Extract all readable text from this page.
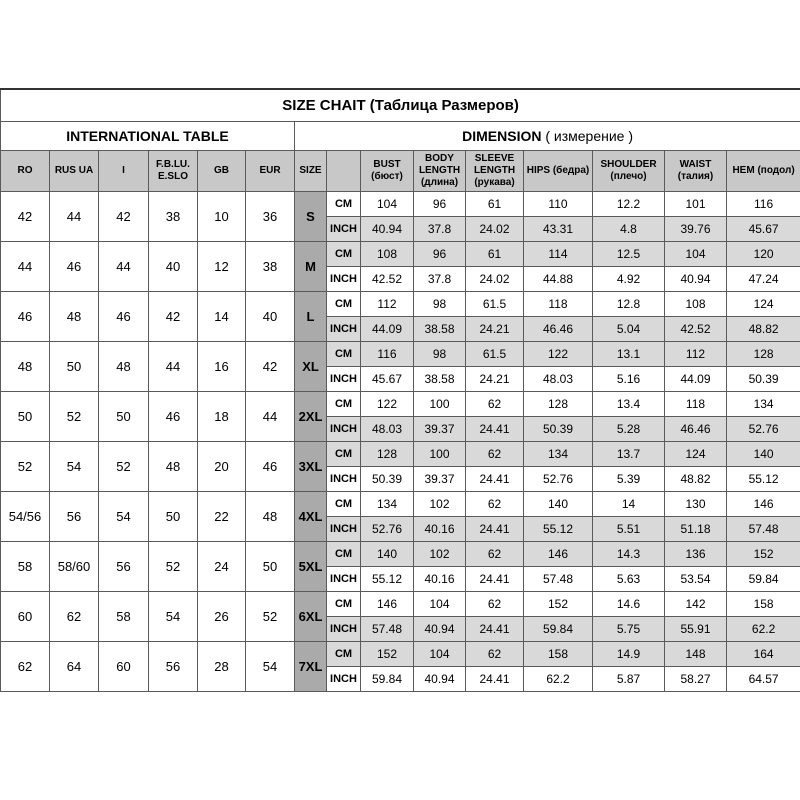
SIZE CHAIT (Таблица Размеров)														
INTERNATIONAL TABLE						DIMENSION ( измерение )								
RO	RUS UA	I	F.B.LU. E.SLO	GB	EUR	SIZE		BUST (бюст)	BODY LENGTH (длина)	SLEEVE LENGTH (рукава)	HIPS (бедра)	SHOULDER (плечо)	WAIST (талия)	HEM (подол)
42	44	42	38	10	36	S	CM	104	96	61	110	12.2	101	116
							INCH	40.94	37.8	24.02	43.31	4.8	39.76	45.67
44	46	44	40	12	38	M	CM	108	96	61	114	12.5	104	120
							INCH	42.52	37.8	24.02	44.88	4.92	40.94	47.24
46	48	46	42	14	40	L	CM	112	98	61.5	118	12.8	108	124
							INCH	44.09	38.58	24.21	46.46	5.04	42.52	48.82
48	50	48	44	16	42	XL	CM	116	98	61.5	122	13.1	112	128
							INCH	45.67	38.58	24.21	48.03	5.16	44.09	50.39
50	52	50	46	18	44	2XL	CM	122	100	62	128	13.4	118	134
							INCH	48.03	39.37	24.41	50.39	5.28	46.46	52.76
52	54	52	48	20	46	3XL	CM	128	100	62	134	13.7	124	140
							INCH	50.39	39.37	24.41	52.76	5.39	48.82	55.12
54/56	56	54	50	22	48	4XL	CM	134	102	62	140	14	130	146
							INCH	52.76	40.16	24.41	55.12	5.51	51.18	57.48
58	58/60	56	52	24	50	5XL	CM	140	102	62	146	14.3	136	152
							INCH	55.12	40.16	24.41	57.48	5.63	53.54	59.84
60	62	58	54	26	52	6XL	CM	146	104	62	152	14.6	142	158
							INCH	57.48	40.94	24.41	59.84	5.75	55.91	62.2
62	64	60	56	28	54	7XL	CM	152	104	62	158	14.9	148	164
							INCH	59.84	40.94	24.41	62.2	5.87	58.27	64.57
